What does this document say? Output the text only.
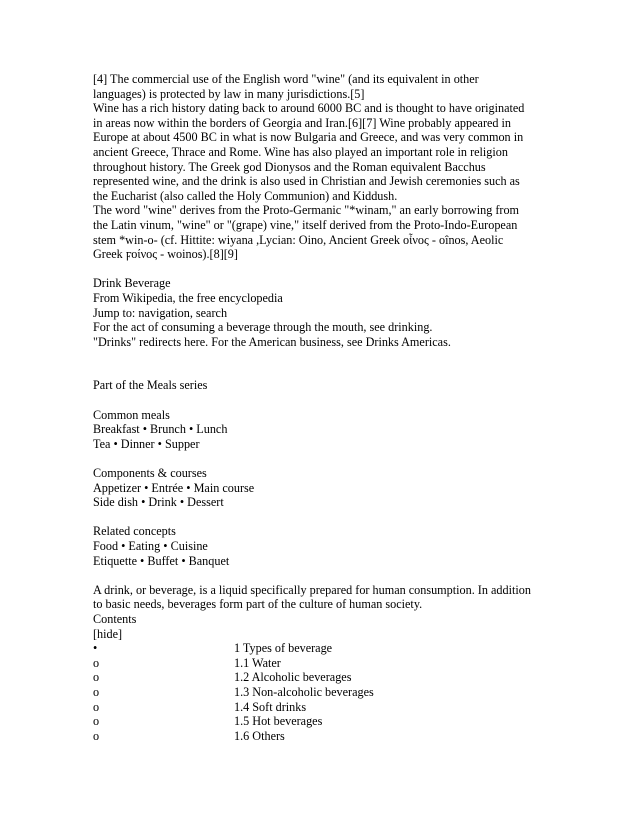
[4] The commercial use of the English word "wine" (and its equivalent in other
languages) is protected by law in many jurisdictions.[5]
Wine has a rich history dating back to around 6000 BC and is thought to have originated
in areas now within the borders of Georgia and Iran.[6][7] Wine probably appeared in
Europe at about 4500 BC in what is now Bulgaria and Greece, and was very common in
ancient Greece, Thrace and Rome. Wine has also played an important role in religion
throughout history. The Greek god Dionysos and the Roman equivalent Bacchus
represented wine, and the drink is also used in Christian and Jewish ceremonies such as
the Eucharist (also called the Holy Communion) and Kiddush.
The word "wine" derives from the Proto-Germanic "*winam," an early borrowing from
the Latin vinum, "wine" or "(grape) vine," itself derived from the Proto-Indo-European
stem *win-o- (cf. Hittite: wiyana ,Lycian: Oino, Ancient Greek οἶνος - oînos, Aeolic
Greek ϝοίνος - woinos).[8][9]
Drink Beverage
From Wikipedia, the free encyclopedia
Jump to: navigation, search
For the act of consuming a beverage through the mouth, see drinking.
"Drinks" redirects here. For the American business, see Drinks Americas.
Part of the Meals series
Common meals
Breakfast • Brunch • Lunch
Tea • Dinner • Supper
Components & courses
Appetizer • Entrée • Main course
Side dish • Drink • Dessert
Related concepts
Food • Eating • Cuisine
Etiquette • Buffet • Banquet
A drink, or beverage, is a liquid specifically prepared for human consumption. In addition
to basic needs, beverages form part of the culture of human society.
Contents
[hide]
•	1 Types of beverage
o	1.1 Water
o	1.2 Alcoholic beverages
o	1.3 Non-alcoholic beverages
o	1.4 Soft drinks
o	1.5 Hot beverages
o	1.6 Others
